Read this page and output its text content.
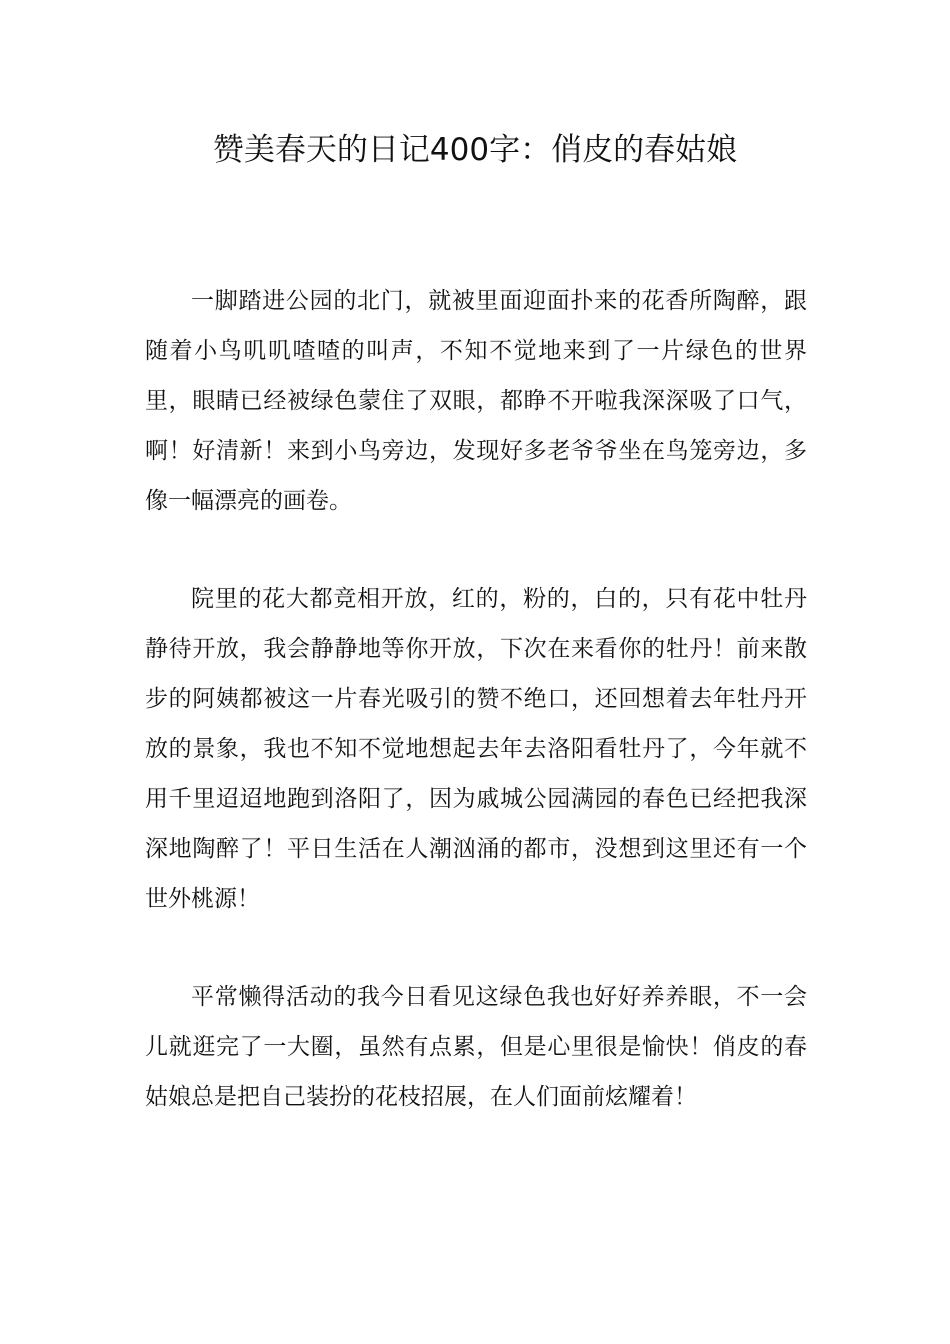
赞美春天的日记400字：俏皮的春姑娘

一脚踏进公园的北门，就被里面迎面扑来的花香所陶醉，跟随着小鸟叽叽喳喳的叫声，不知不觉地来到了一片绿色的世界里，眼睛已经被绿色蒙住了双眼，都睁不开啦我深深吸了口气，啊！好清新！来到小鸟旁边，发现好多老爷爷坐在鸟笼旁边，多像一幅漂亮的画卷。

院里的花大都竞相开放，红的，粉的，白的，只有花中牡丹静待开放，我会静静地等你开放，下次在来看你的牡丹！前来散步的阿姨都被这一片春光吸引的赞不绝口，还回想着去年牡丹开放的景象，我也不知不觉地想起去年去洛阳看牡丹了，今年就不用千里迢迢地跑到洛阳了，因为戚城公园满园的春色已经把我深深地陶醉了！平日生活在人潮汹涌的都市，没想到这里还有一个世外桃源！

平常懒得活动的我今日看见这绿色我也好好养养眼，不一会儿就逛完了一大圈，虽然有点累，但是心里很是愉快！俏皮的春姑娘总是把自己装扮的花枝招展，在人们面前炫耀着！
